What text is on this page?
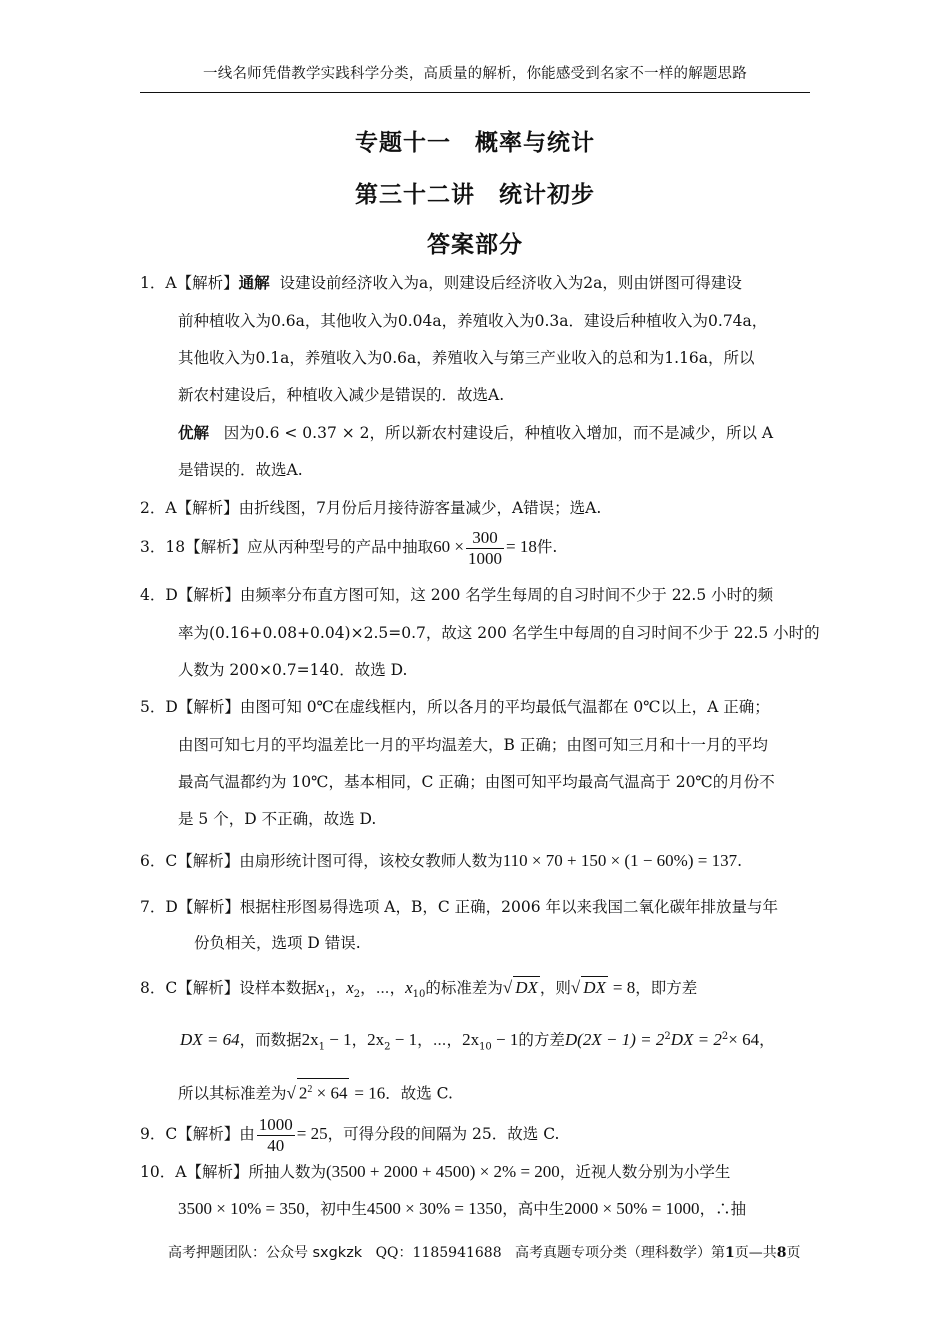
一线名师凭借教学实践科学分类，高质量的解析，你能感受到名家不一样的解题思路
专题十一　概率与统计
第三十二讲　统计初步
答案部分
1．A【解析】通解 设建设前经济收入为a，则建设后经济收入为2a，则由饼图可得建设
前种植收入为0.6a，其他收入为0.04a，养殖收入为0.3a．建设后种植收入为0.74a，
其他收入为0.1a，养殖收入为0.6a，养殖收入与第三产业收入的总和为1.16a，所以
新农村建设后，种植收入减少是错误的．故选A.
优解 因为0.6 < 0.37 × 2，所以新农村建设后，种植收入增加，而不是减少，所以 A
是错误的．故选A.
2．A【解析】由折线图，7月份后月接待游客量减少，A错误；选A.
3．18【解析】应从丙种型号的产品中抽取$60 \times \frac{300}{1000} = 18$件.
4．D【解析】由频率分布直方图可知，这 200 名学生每周的自习时间不少于 22.5 小时的频
率为(0.16+0.08+0.04)×2.5=0.7，故这 200 名学生中每周的自习时间不少于 22.5 小时的
人数为 200×0.7=140．故选 D.
5．D【解析】由图可知 0℃在虚线框内，所以各月的平均最低气温都在 0℃以上，A 正确；
由图可知七月的平均温差比一月的平均温差大，B 正确；由图可知三月和十一月的平均
最高气温都约为 10℃，基本相同，C 正确；由图可知平均最高气温高于 20℃的月份不
是 5 个，D 不正确，故选 D.
6．C【解析】由扇形统计图可得，该校女教师人数为110 × 70 + 150 × (1 − 60%) = 137.
7．D【解析】根据柱形图易得选项 A，B，C 正确，2006 年以来我国二氧化碳年排放量与年
份负相关，选项 D 错误.
8．C【解析】设样本数据$x_1$，$x_2$，⋯，$x_{10}$的标准差为√ DX ，则√ DX = 8，即方差
DX = 64，而数据$2x_1 - 1$，$2x_2 - 1$，⋯，$2x_{10} - 1$的方差$D(2X - 1) = 2^2DX = 2^2\times 64$，
所以其标准差为√ $2^2 \times 64 = 16$．故选 C.
9．C【解析】由 $\frac{1000}{40} = 25$，可得分段的间隔为 25．故选 C.
10．A【解析】所抽人数为(3500 + 2000 + 4500) × 2% = 200，近视人数分别为小学生
3500 × 10% = 350，初中生4500 × 30% = 1350，高中生2000 × 50% = 1000，∴抽
高考押题团队：公众号 sxgkzk QQ：1185941688 高考真题专项分类（理科数学）第1页—共8页
